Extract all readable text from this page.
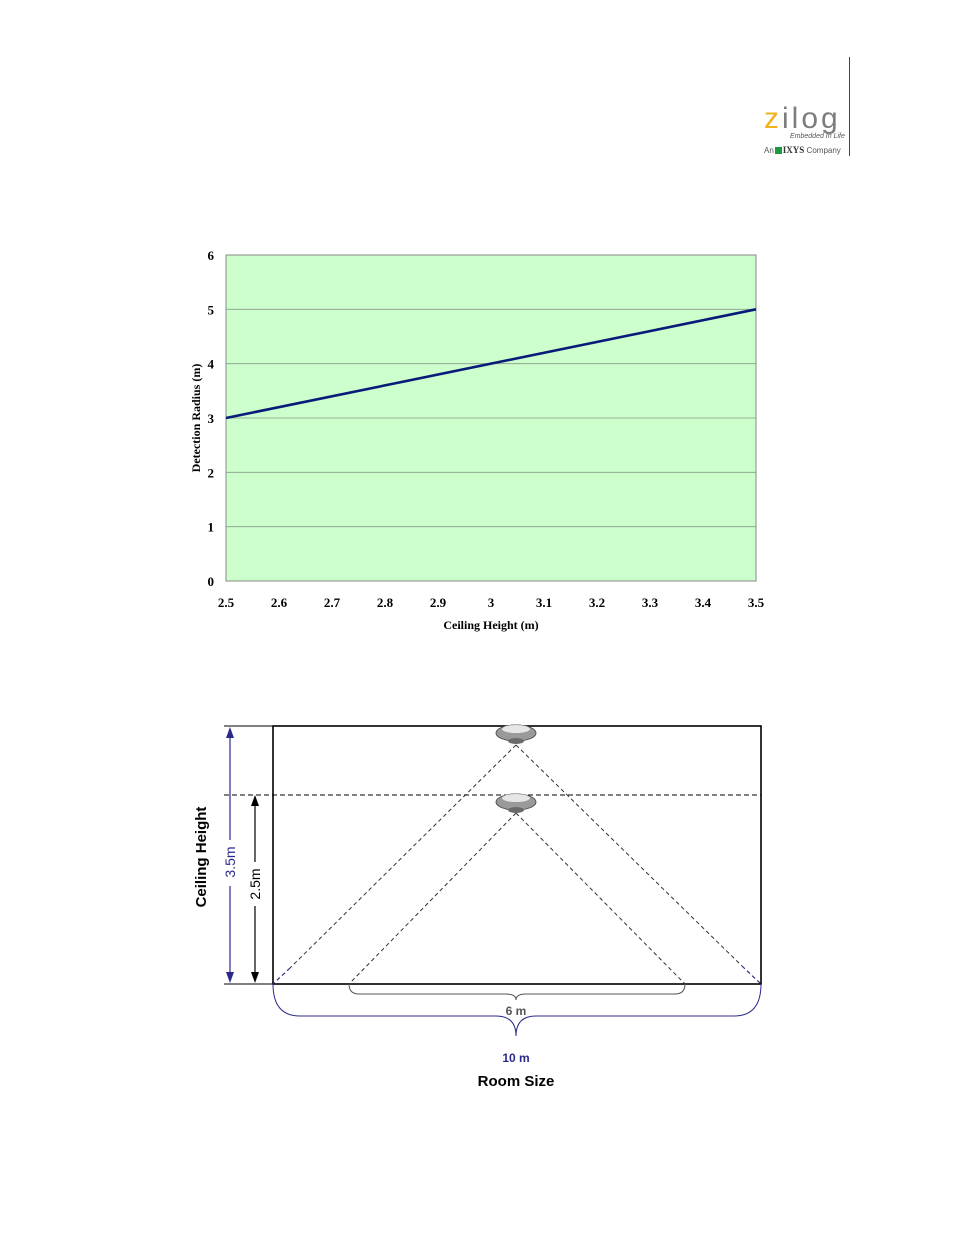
zilog
Embedded In Life
An IXYS Company
0
1
2
3
4
5
6
2.5	2.6	2.7	2.8	2.9	3	3.1	3.2	3.3	3.4	3.5
Ceiling Height (m)
Detection Radius (m)
3.5m
2.5m
Ceiling Height
6 m
10 m
Room Size
